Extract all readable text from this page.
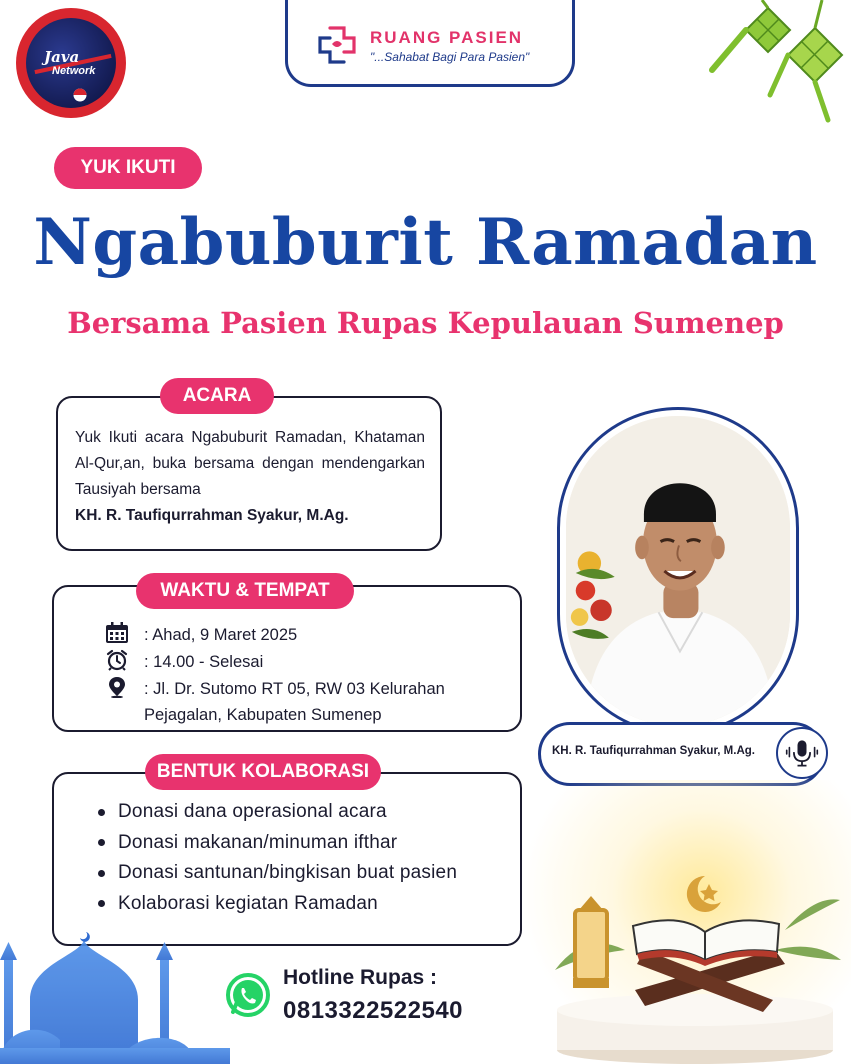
Java
Network
RUANG PASIEN
"...Sahabat Bagi Para Pasien"
YUK IKUTI
Ngabuburit Ramadan
Bersama Pasien Rupas Kepulauan Sumenep
ACARA
Yuk Ikuti acara Ngabuburit Ramadan, Khataman Al-Qur,an, buka bersama dengan mendengarkan Tausiyah bersama
KH. R. Taufiqurrahman Syakur, M.Ag.
WAKTU & TEMPAT
: Ahad, 9 Maret 2025
: 14.00 - Selesai
: Jl. Dr. Sutomo RT 05, RW 03 Kelurahan
Pejagalan, Kabupaten Sumenep
BENTUK KOLABORASI
Donasi dana operasional acara
Donasi makanan/minuman ifthar
Donasi santunan/bingkisan buat pasien
Kolaborasi kegiatan Ramadan
KH. R. Taufiqurrahman Syakur, M.Ag.
Hotline Rupas :
0813322522540
